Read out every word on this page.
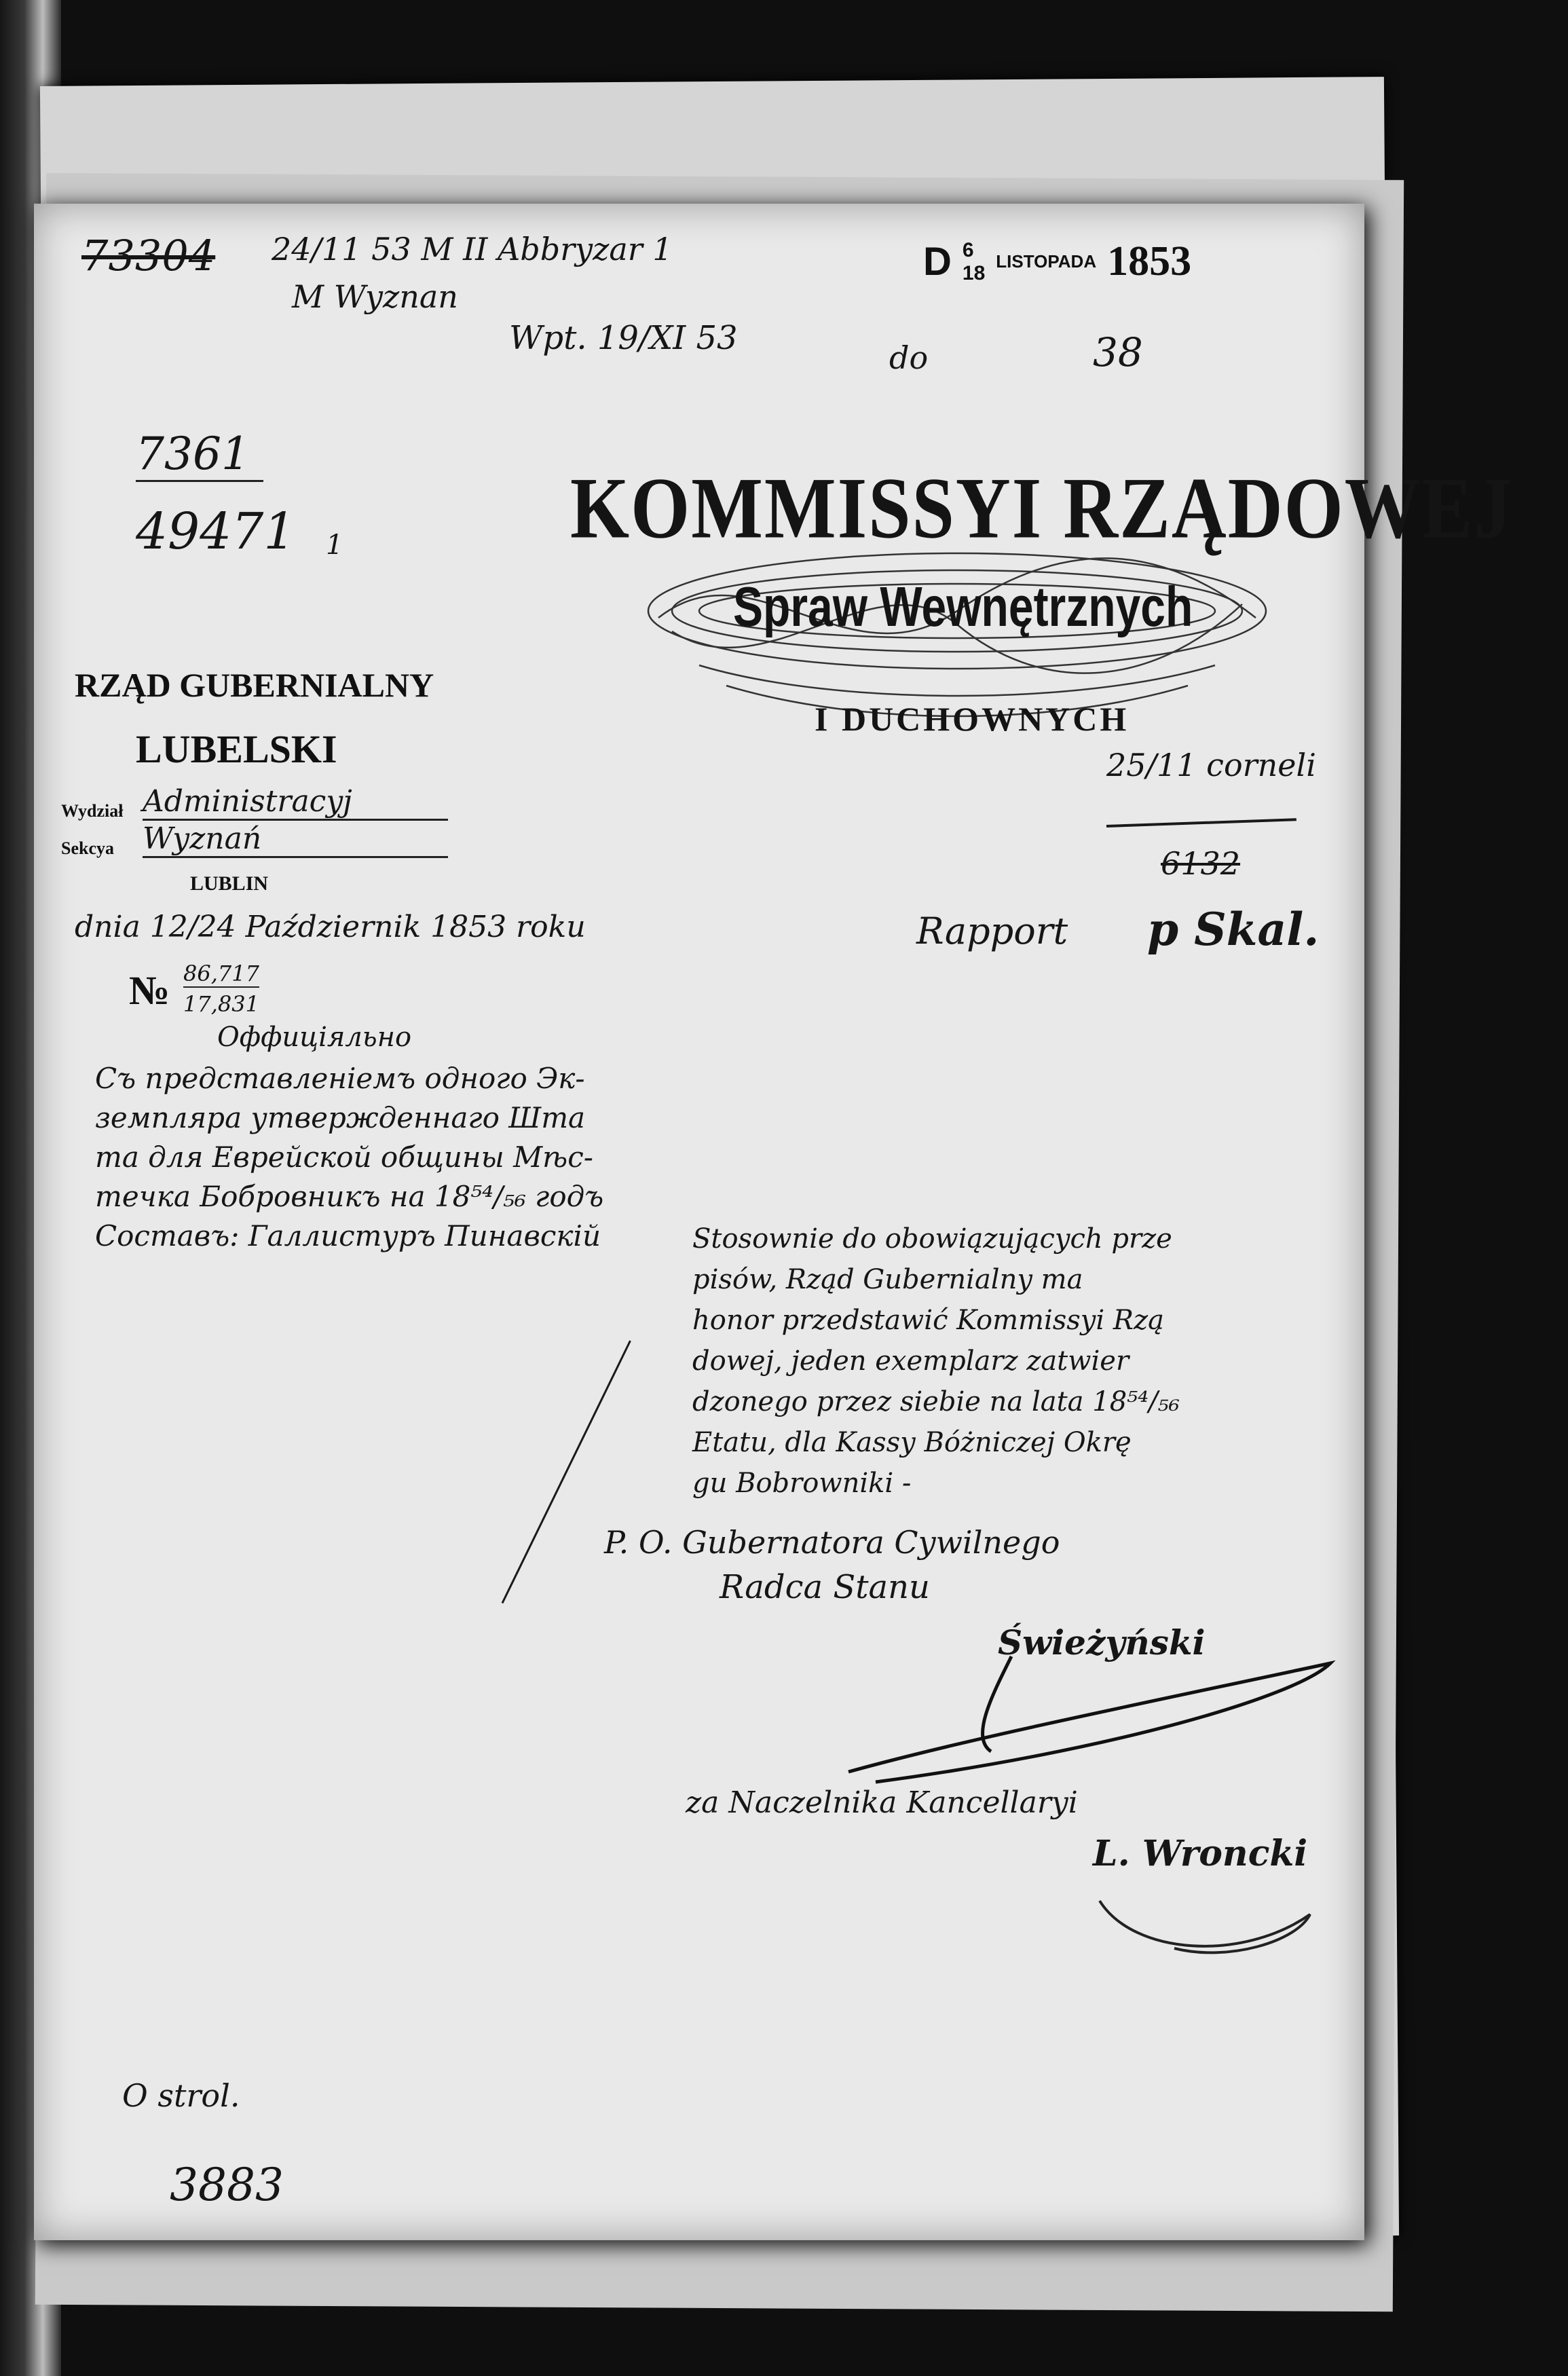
73304 24/11 53 M II Abbryzar 1
M Wyznan
Wpt. 19/XI 53
do	38
D 6
18
LISTOPADA 1853
7361
49471 1	KOMMISSYI RZĄDOWEJ
Spraw Wewnętrznych
I DUCHOWNYCH
25/11 corneli
6132
Rapport p Skal.
RZĄD GUBERNIALNY
LUBELSKI
Wydział Administracyj
Sekcya Wyznań
LUBLIN
dnia 12/24 Październik 1853 roku
№ 86,717
17,831
Оффиціяльно
Съ представленіемъ одного Эк-
земпляра утвержденнаго Шта
та для Еврейской общины Мѣс-
течка Бобровникъ на 18⁵⁴/₅₆ годъ
Составъ: Галлиcтуръ Пинавскій	Stosownie do obowiązujących prze
pisów, Rząd Gubernialny ma
honor przedstawić Kommissyi Rzą
dowej, jeden exemplarz zatwier
dzonego przez siebie na lata 18⁵⁴/₅₆
Etatu, dla Kassy Bóżniczej Okrę
gu Bobrowniki -
P. O. Gubernatora Cywilnego
Radca Stanu
Świeżyński
za Naczelnika Kancellaryi
L. Wroncki
O strol.
3883
